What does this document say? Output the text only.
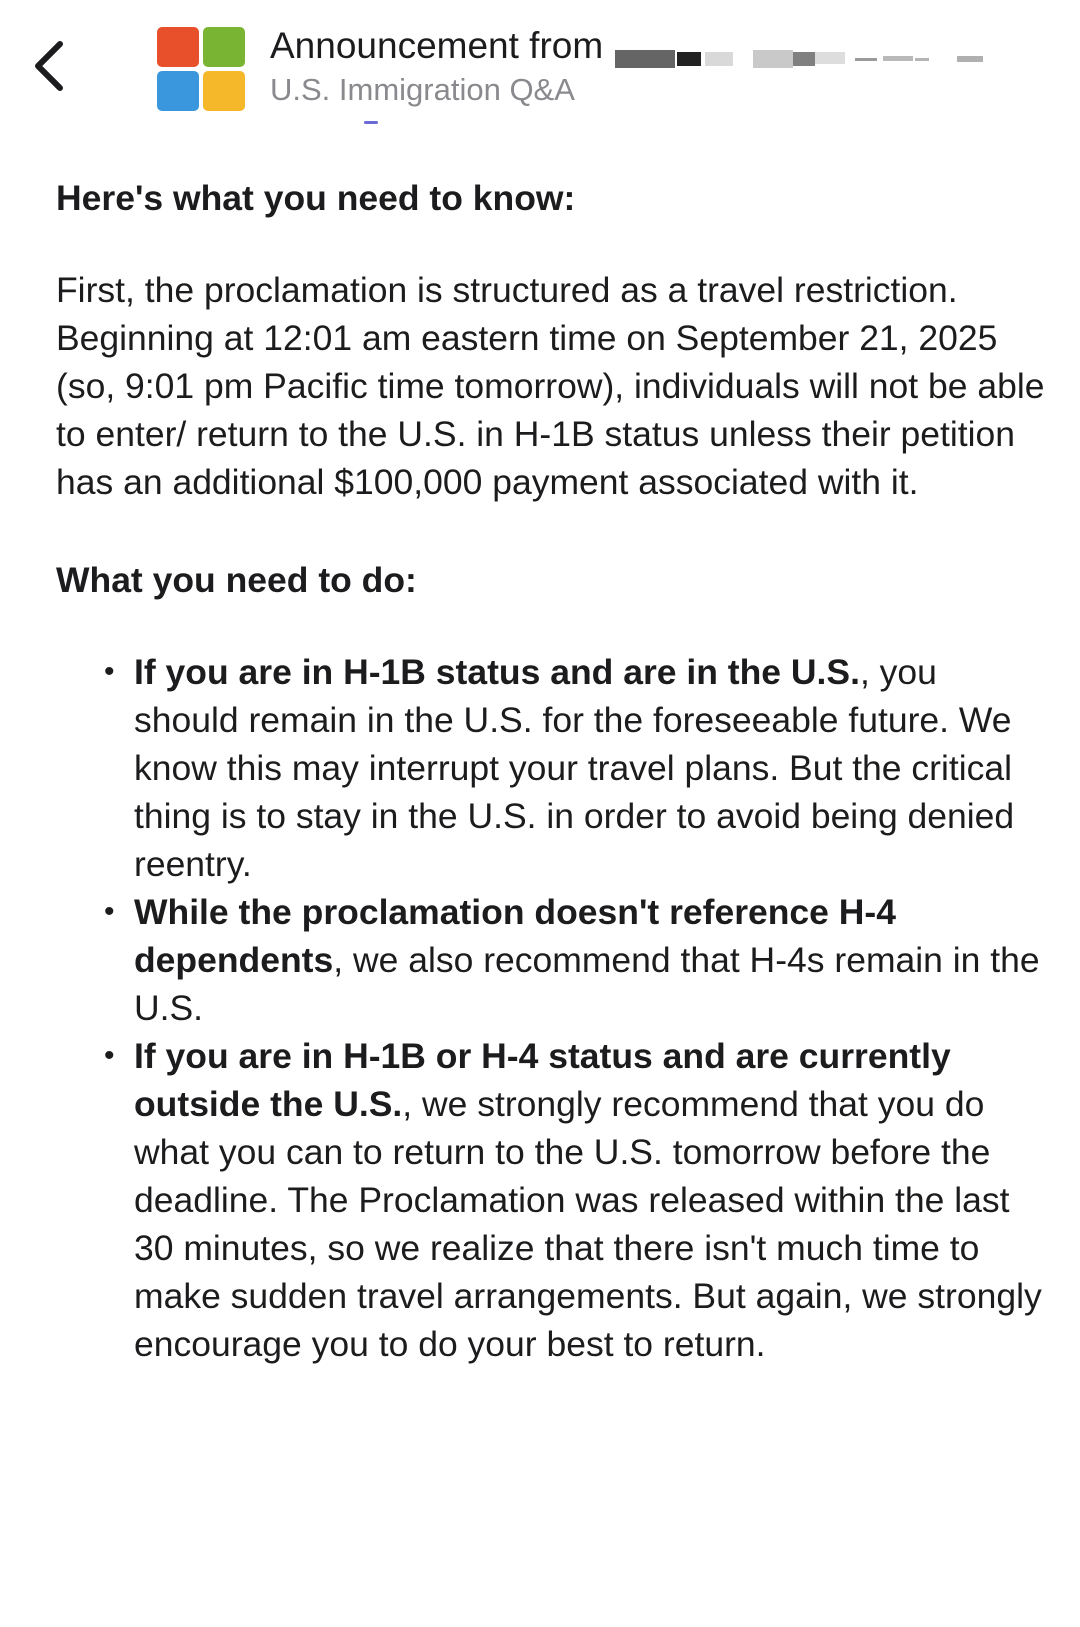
Announcement from
U.S. Immigration Q&A
Here's what you need to know:

First, the proclamation is structured as a travel restriction. Beginning at 12:01 am eastern time on September 21, 2025 (so, 9:01 pm Pacific time tomorrow), individuals will not be able to enter/ return to the U.S. in H-1B status unless their petition has an additional $100,000 payment associated with it.

What you need to do:
• If you are in H-1B status and are in the U.S., you should remain in the U.S. for the foreseeable future. We know this may interrupt your travel plans. But the critical thing is to stay in the U.S. in order to avoid being denied reentry.
• While the proclamation doesn't reference H-4 dependents, we also recommend that H-4s remain in the U.S.
• If you are in H-1B or H-4 status and are currently outside the U.S., we strongly recommend that you do what you can to return to the U.S. tomorrow before the deadline. The Proclamation was released within the last 30 minutes, so we realize that there isn't much time to make sudden travel arrangements. But again, we strongly encourage you to do your best to return.
